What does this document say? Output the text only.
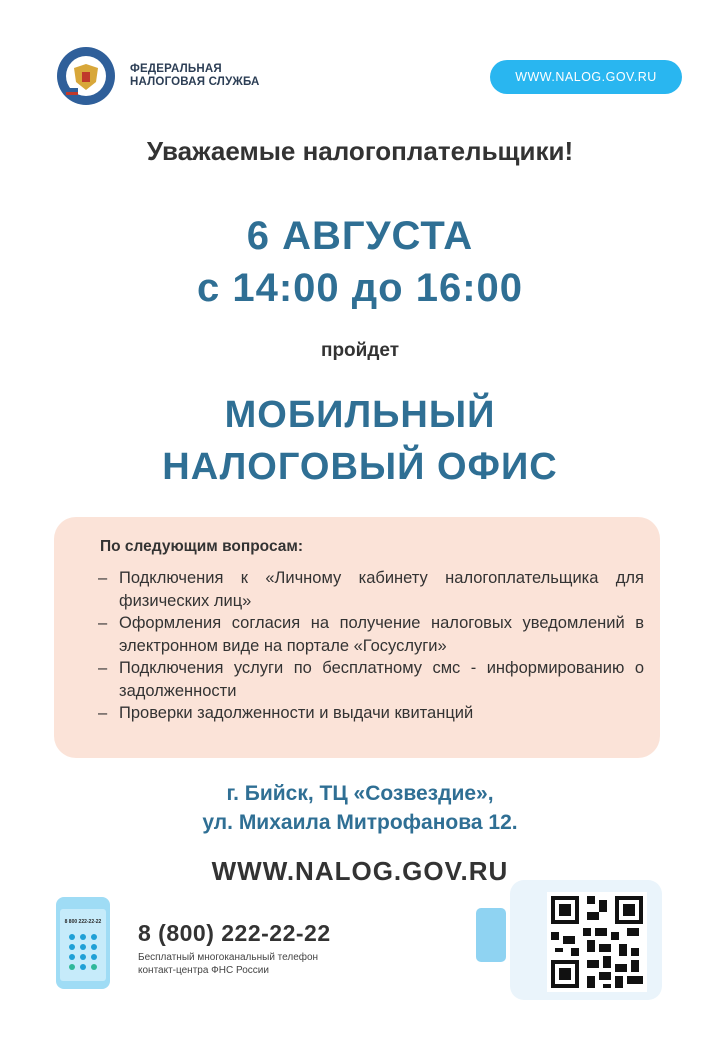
ФЕДЕРАЛЬНАЯ
НАЛОГОВАЯ СЛУЖБА	WWW.NALOG.GOV.RU
Уважаемые налогоплательщики!
6 АВГУСТА
с 14:00 до 16:00
пройдет
МОБИЛЬНЫЙ
НАЛОГОВЫЙ ОФИС
По следующим вопросам:
– Подключения к «Личному кабинету налогоплательщика для физических лиц»
– Оформления согласия на получение налоговых уведомлений в электронном виде на портале «Госуслуги»
– Подключения услуги по бесплатному смс - информированию о задолженности
– Проверки задолженности и выдачи квитанций
г. Бийск, ТЦ «Созвездие»,
ул. Михаила Митрофанова 12.
WWW.NALOG.GOV.RU
8 800 222-22-22 8 (800) 222-22-22
Бесплатный многоканальный телефон
контакт-центра ФНС России
